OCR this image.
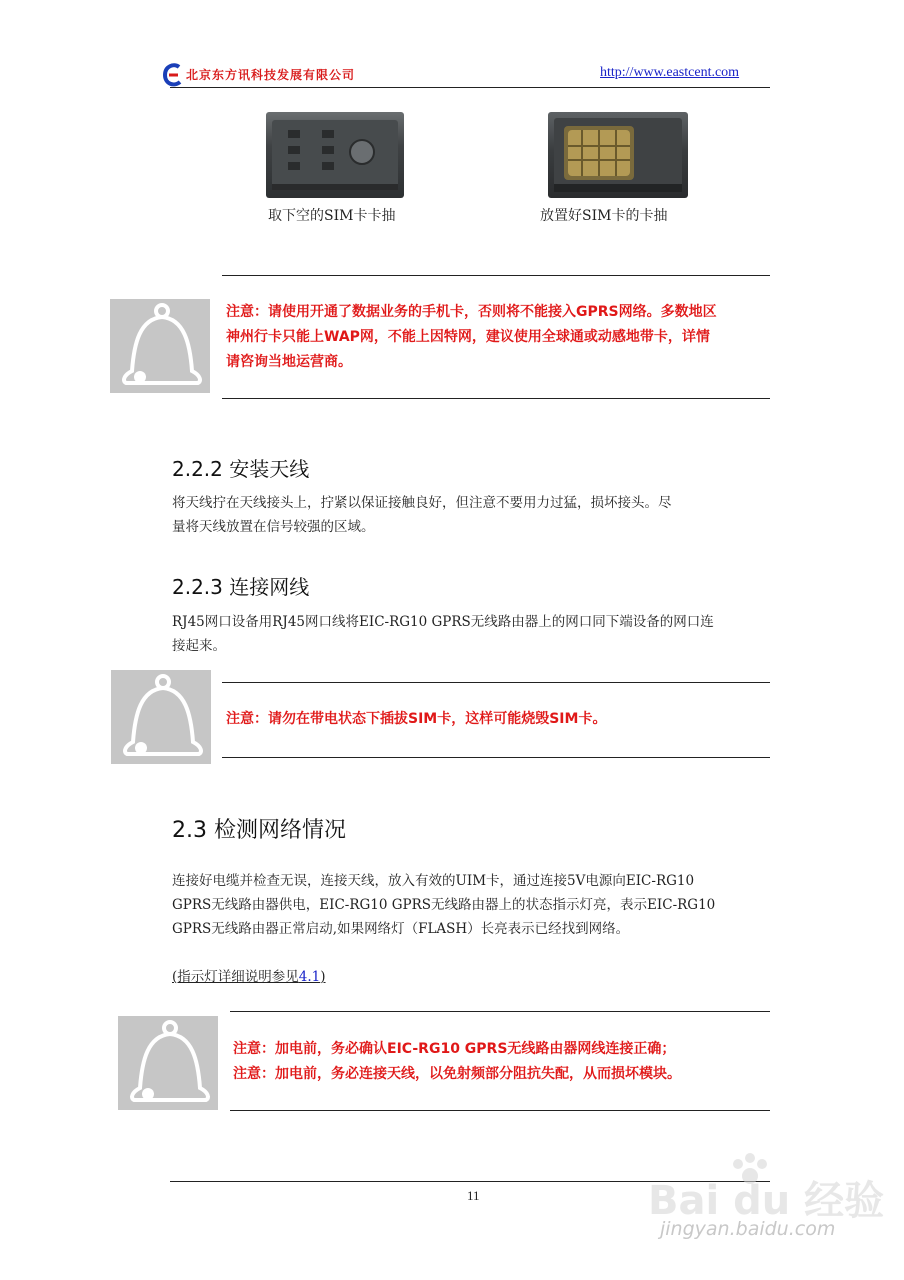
北京东方讯科技发展有限公司	http://www.eastcent.com
取下空的SIM卡卡抽	放置好SIM卡的卡抽
注意：请使用开通了数据业务的手机卡，否则将不能接入GPRS网络。多数地区
神州行卡只能上WAP网，不能上因特网，建议使用全球通或动感地带卡，详情
请咨询当地运营商。
2.2.2 安装天线
将天线拧在天线接头上，拧紧以保证接触良好，但注意不要用力过猛，损坏接头。尽
量将天线放置在信号较强的区域。
2.2.3 连接网线
RJ45网口设备用RJ45网口线将EIC-RG10 GPRS无线路由器上的网口同下端设备的网口连
接起来。
注意：请勿在带电状态下插拔SIM卡，这样可能烧毁SIM卡。
2.3 检测网络情况
连接好电缆并检查无误，连接天线，放入有效的UIM卡，通过连接5V电源向EIC-RG10
GPRS无线路由器供电，EIC-RG10 GPRS无线路由器上的状态指示灯亮，表示EIC-RG10
GPRS无线路由器正常启动,如果网络灯（FLASH）长亮表示已经找到网络。
(指示灯详细说明参见4.1)
注意：加电前，务必确认EIC-RG10 GPRS无线路由器网线连接正确；
注意：加电前，务必连接天线，以免射频部分阻抗失配，从而损坏模块。
11	Bai du 经验
jingyan.baidu.com
